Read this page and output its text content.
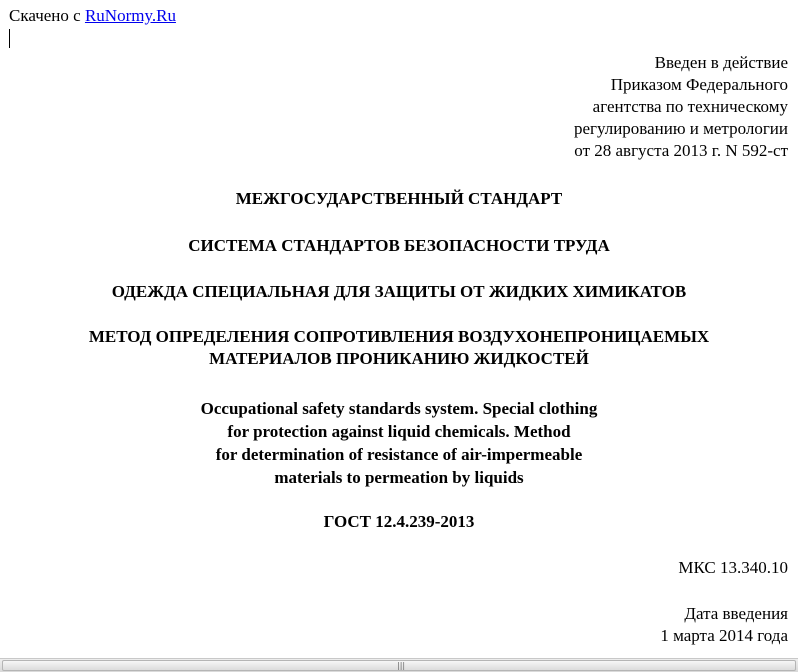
Скачено с RuNormy.Ru
Введен в действие
Приказом Федерального
агентства по техническому
регулированию и метрологии
от 28 августа 2013 г. N 592-ст
МЕЖГОСУДАРСТВЕННЫЙ СТАНДАРТ
СИСТЕМА СТАНДАРТОВ БЕЗОПАСНОСТИ ТРУДА
ОДЕЖДА СПЕЦИАЛЬНАЯ ДЛЯ ЗАЩИТЫ ОТ ЖИДКИХ ХИМИКАТОВ
МЕТОД ОПРЕДЕЛЕНИЯ СОПРОТИВЛЕНИЯ ВОЗДУХОНЕПРОНИЦАЕМЫХ
МАТЕРИАЛОВ ПРОНИКАНИЮ ЖИДКОСТЕЙ
Occupational safety standards system. Special clothing
for protection against liquid chemicals. Method
for determination of resistance of air-impermeable
materials to permeation by liquids
ГОСТ 12.4.239-2013
МКС 13.340.10
Дата введения
1 марта 2014 года
|||
